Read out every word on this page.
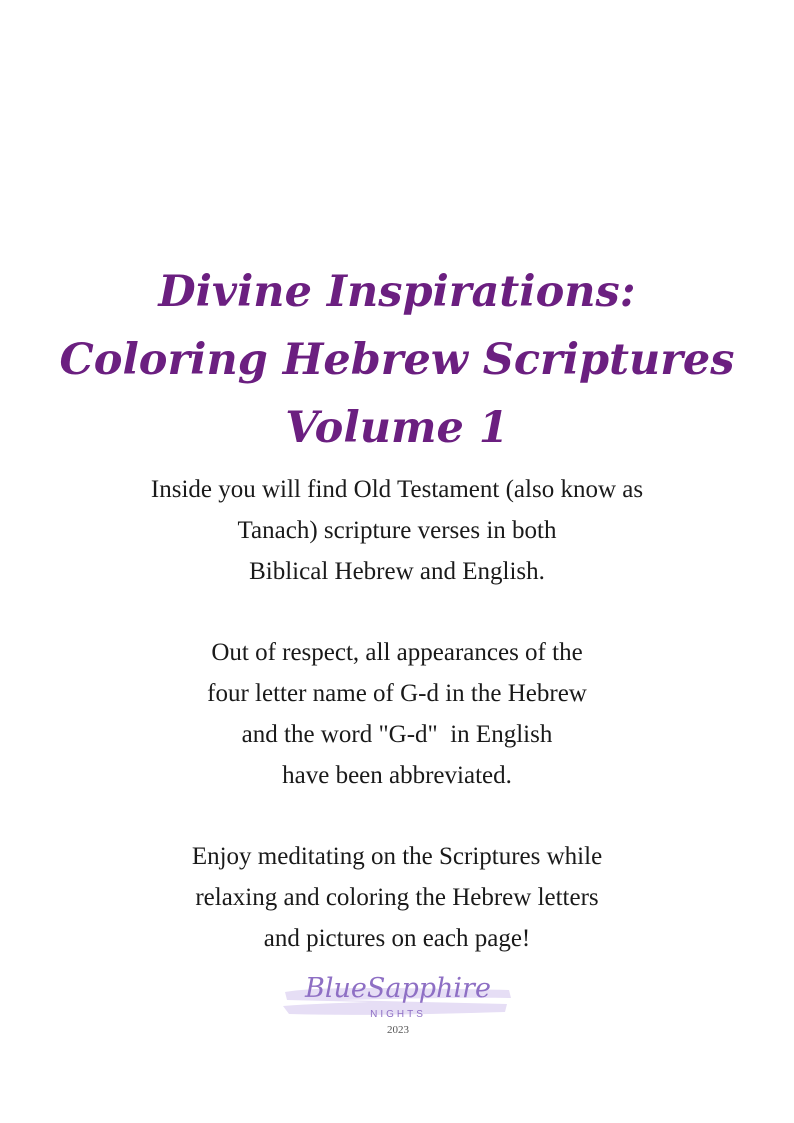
Divine Inspirations:
Coloring Hebrew Scriptures
Volume 1

Inside you will find Old Testament (also know as
Tanach) scripture verses in both
Biblical Hebrew and English.

Out of respect, all appearances of the
four letter name of G-d in the Hebrew
and the word "G-d"  in English
have been abbreviated.

Enjoy meditating on the Scriptures while
relaxing and coloring the Hebrew letters
and pictures on each page!

BlueSapphire
NIGHTS
2023
